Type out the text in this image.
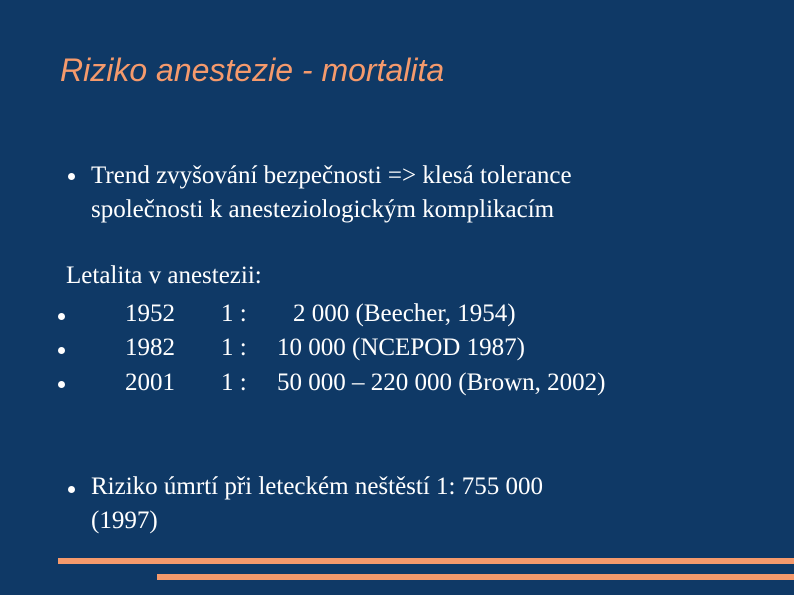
Riziko anestezie - mortalita
Trend zvyšování bezpečnosti => klesá tolerance
společnosti k anesteziologickým komplikacím
Letalita v anestezii:
1952 1 : 2 000 (Beecher, 1954)
1982 1 : 10 000 (NCEPOD 1987)
2001 1 : 50 000 – 220 000 (Brown, 2002)
Riziko úmrtí při leteckém neštěstí 1: 755 000
(1997)
